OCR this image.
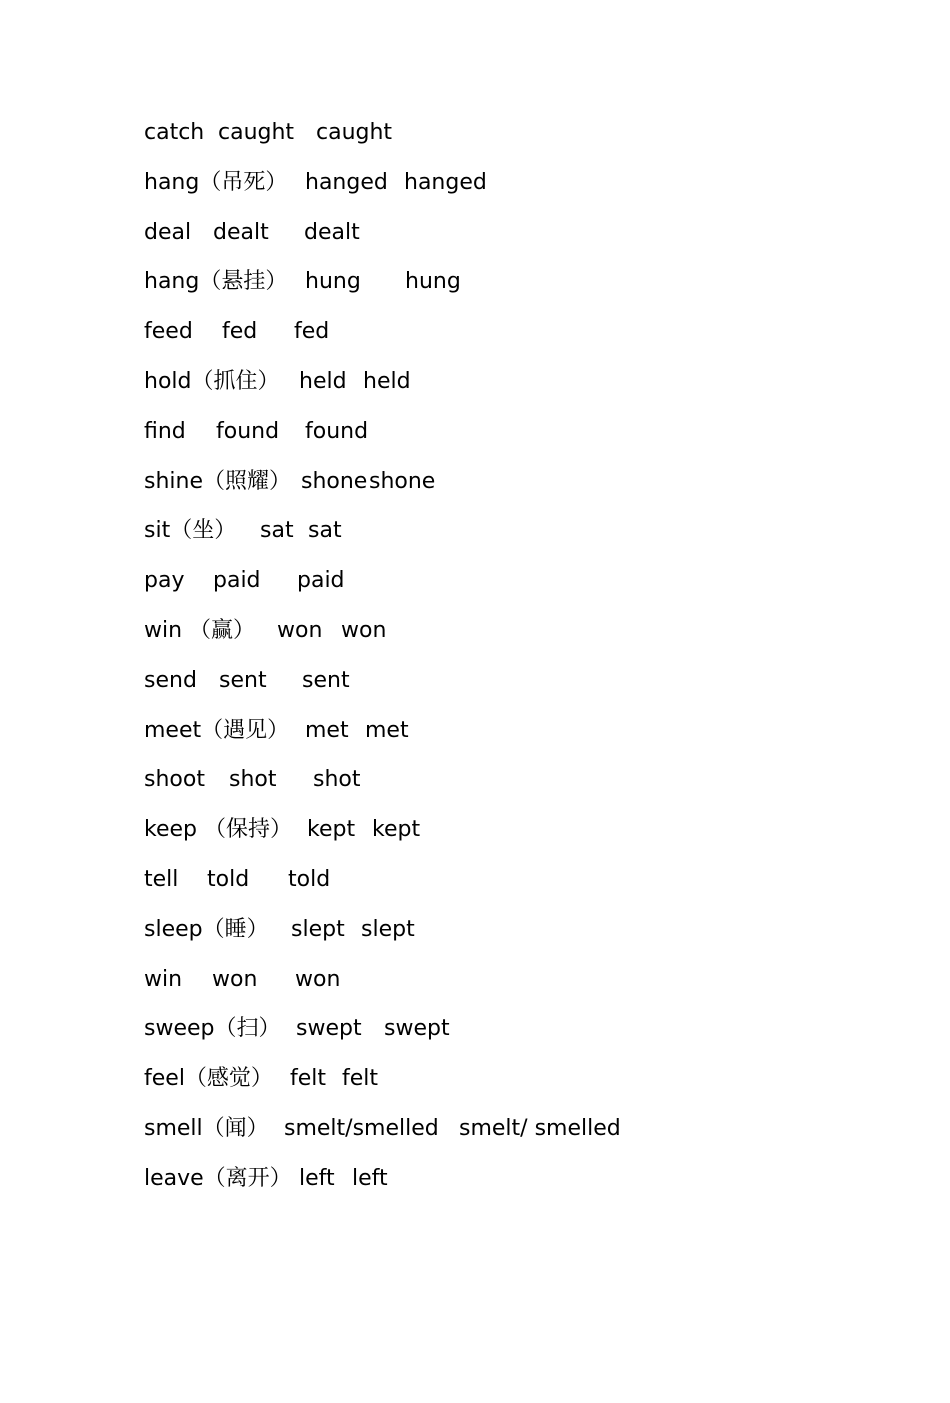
catch

caught

caught

hang（吊死）

hanged

hanged

deal

dealt

dealt

hang（悬挂）

hung

hung

feed

fed

fed

hold（抓住）

held

held

find

found

found

shine（照耀）

shone

shone

sit（坐）

sat

sat

pay

paid

paid

win （赢）

won

won

send

sent

sent

meet（遇见）

met

met

shoot

shot

shot

keep （保持）

kept

kept

tell

told

told

sleep（睡）

slept

slept

win

won

won

sweep（扫）

swept

swept

feel（感觉）

felt

felt

smell（闻）

smelt/smelled

smelt/ smelled

leave（离开）

left

left
